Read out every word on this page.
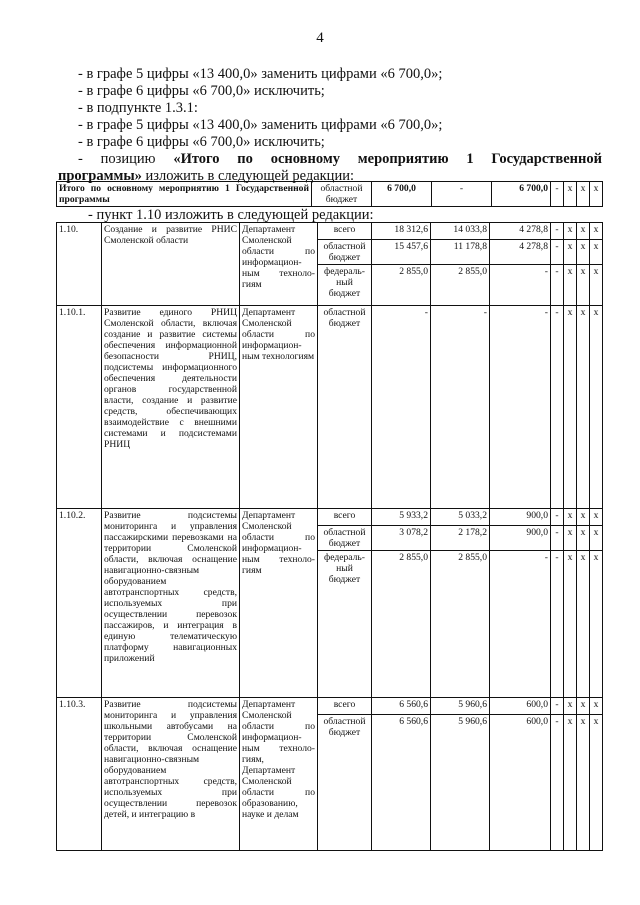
4
- в графе 5 цифры «13 400,0» заменить цифрами «6 700,0»;
- в графе 6 цифры «6 700,0» исключить;
- в подпункте 1.3.1:
- в графе 5 цифры «13 400,0» заменить цифрами «6 700,0»;
- в графе 6 цифры «6 700,0» исключить;
- позицию «Итого по основному мероприятию 1 Государственной
программы» изложить в следующей редакции:
Итого по основному мероприятию 1 Государственной программы	областной бюджет	6 700,0	-	6 700,0	-	x	x	x
- пункт 1.10 изложить в следующей редакции:
1.10.	Создание и развитие РНИС Смоленской области	Департамент Смоленской области по информацион-ным техноло-гиям	всего	18 312,6	14 033,8	4 278,8	-	x	x	x
			областной бюджет	15 457,6	11 178,8	4 278,8	-	x	x	x
			федераль-ный бюджет	2 855,0	2 855,0	-	-	x	x	x
1.10.1.	Развитие единого РНИЦ Смоленской области, включая создание и развитие системы обеспечения информационной безопасности РНИЦ, подсистемы информационного обеспечения деятельности органов государственной власти, создание и развитие средств, обеспечивающих взаимодействие с внешними системами и подсистемами РНИЦ	Департамент Смоленской области по информацион-ным технологиям	областной бюджет	-	-	-	-	x	x	x
1.10.2.	Развитие подсистемы мониторинга и управления пассажирскими перевозками на территории Смоленской области, включая оснащение навигационно-связным оборудованием автотранспортных средств, используемых при осуществлении перевозок пассажиров, и интеграция в единую телематическую платформу навигационных приложений	Департамент Смоленской области по информацион-ным техноло-гиям	всего	5 933,2	5 033,2	900,0	-	x	x	x
			областной бюджет	3 078,2	2 178,2	900,0	-	x	x	x
			федераль-ный бюджет	2 855,0	2 855,0	-	-	x	x	x
1.10.3.	Развитие подсистемы мониторинга и управления школьными автобусами на территории Смоленской области, включая оснащение навигационно-связным оборудованием автотранспортных средств, используемых при осуществлении перевозок детей, и интеграцию в	Департамент Смоленской области по информацион-ным техноло-гиям, Департамент Смоленской области по образованию, науке и делам	всего	6 560,6	5 960,6	600,0	-	x	x	x
			областной бюджет	6 560,6	5 960,6	600,0	-	x	x	x
